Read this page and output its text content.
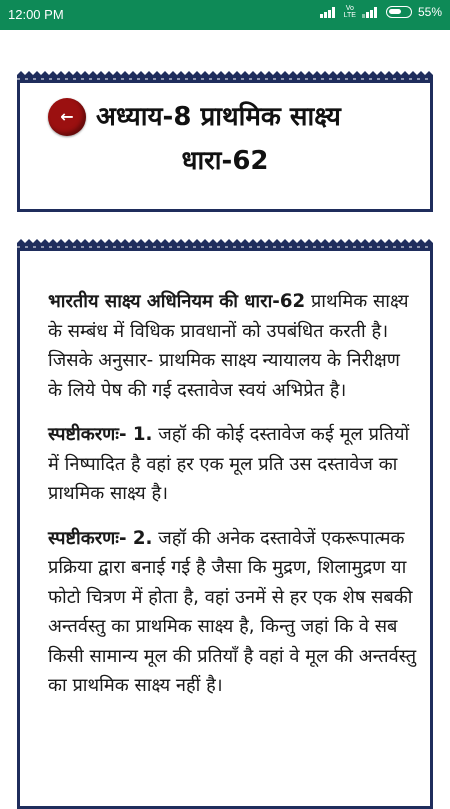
12:00 PM	Vo
LTE	55%
← अध्याय-8 प्राथमिक साक्ष्य
धारा-62

भारतीय साक्ष्य अधिनियम की धारा-62 प्राथमिक साक्ष्य के सम्बंध में विधिक प्रावधानों को उपबंधित करती है। जिसके अनुसार- प्राथमिक साक्ष्य न्यायालय के निरीक्षण के लिये पेष की गई दस्तावेज स्वयं अभिप्रेत है।

स्पष्टीकरणः- 1. जहॉ की कोई दस्तावेज कई मूल प्रतियों में निष्पादित है वहां हर एक मूल प्रति उस दस्तावेज का प्राथमिक साक्ष्य है।

स्पष्टीकरणः- 2. जहॉ की अनेक दस्तावेजें एकरूपात्मक प्रक्रिया द्वारा बनाई गई है जैसा कि मुद्रण, शिलामुद्रण या फोटो चित्रण में होता है, वहां उनमें से हर एक शेष सबकी अन्तर्वस्तु का प्राथमिक साक्ष्य है, किन्तु जहां कि वे सब किसी सामान्य मूल की प्रतियॉं है वहां वे मूल की अन्तर्वस्तु का प्राथमिक साक्ष्य नहीं है।
